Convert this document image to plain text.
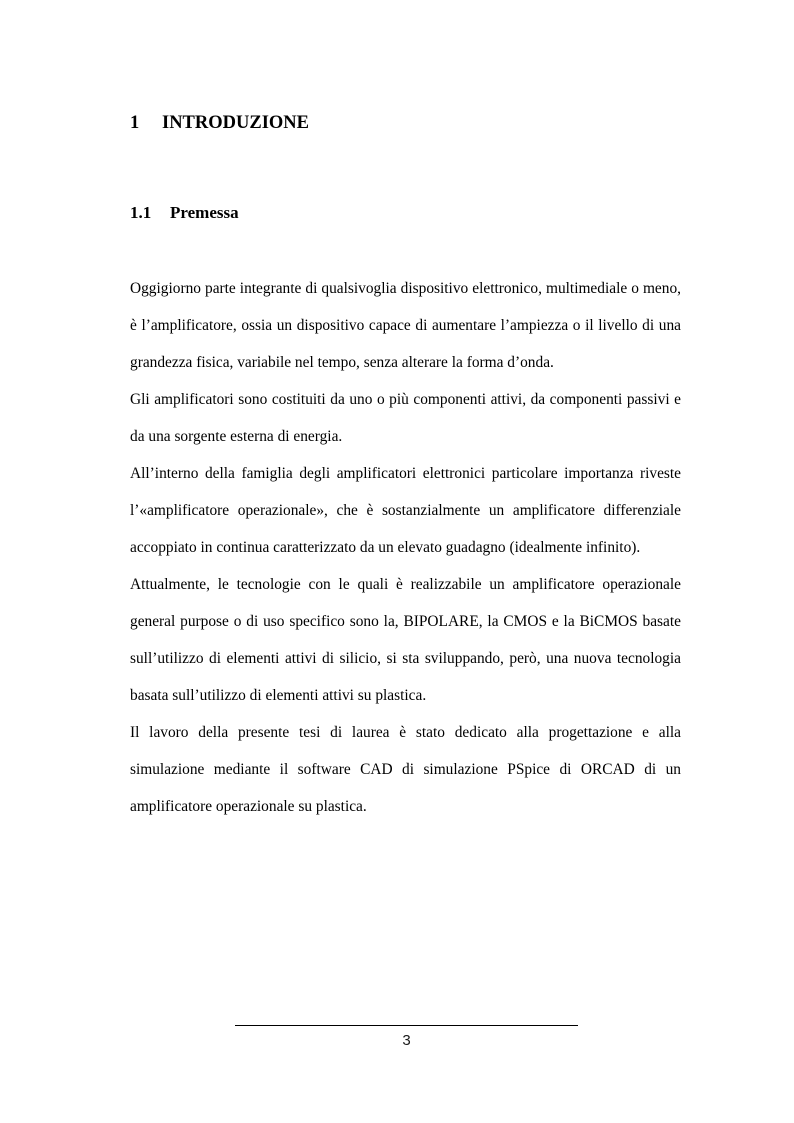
1 INTRODUZIONE
1.1 Premessa

Oggigiorno parte integrante di qualsivoglia dispositivo elettronico, multimediale o meno, è l’amplificatore, ossia un dispositivo capace di aumentare l’ampiezza o il livello di una grandezza fisica, variabile nel tempo, senza alterare la forma d’onda.

Gli amplificatori sono costituiti da uno o più componenti attivi, da componenti passivi e da una sorgente esterna di energia.

All’interno della famiglia degli amplificatori elettronici particolare importanza riveste l’«amplificatore operazionale», che è sostanzialmente un amplificatore differenziale accoppiato in continua caratterizzato da un elevato guadagno (idealmente infinito).

Attualmente, le tecnologie con le quali è realizzabile un amplificatore operazionale general purpose o di uso specifico sono la, BIPOLARE, la CMOS e la BiCMOS basate sull’utilizzo di elementi attivi di silicio, si sta sviluppando, però, una nuova tecnologia basata sull’utilizzo di elementi attivi su plastica.

Il lavoro della presente tesi di laurea è stato dedicato alla progettazione e alla simulazione mediante il software CAD di simulazione PSpice di ORCAD di un amplificatore operazionale su plastica.

3
